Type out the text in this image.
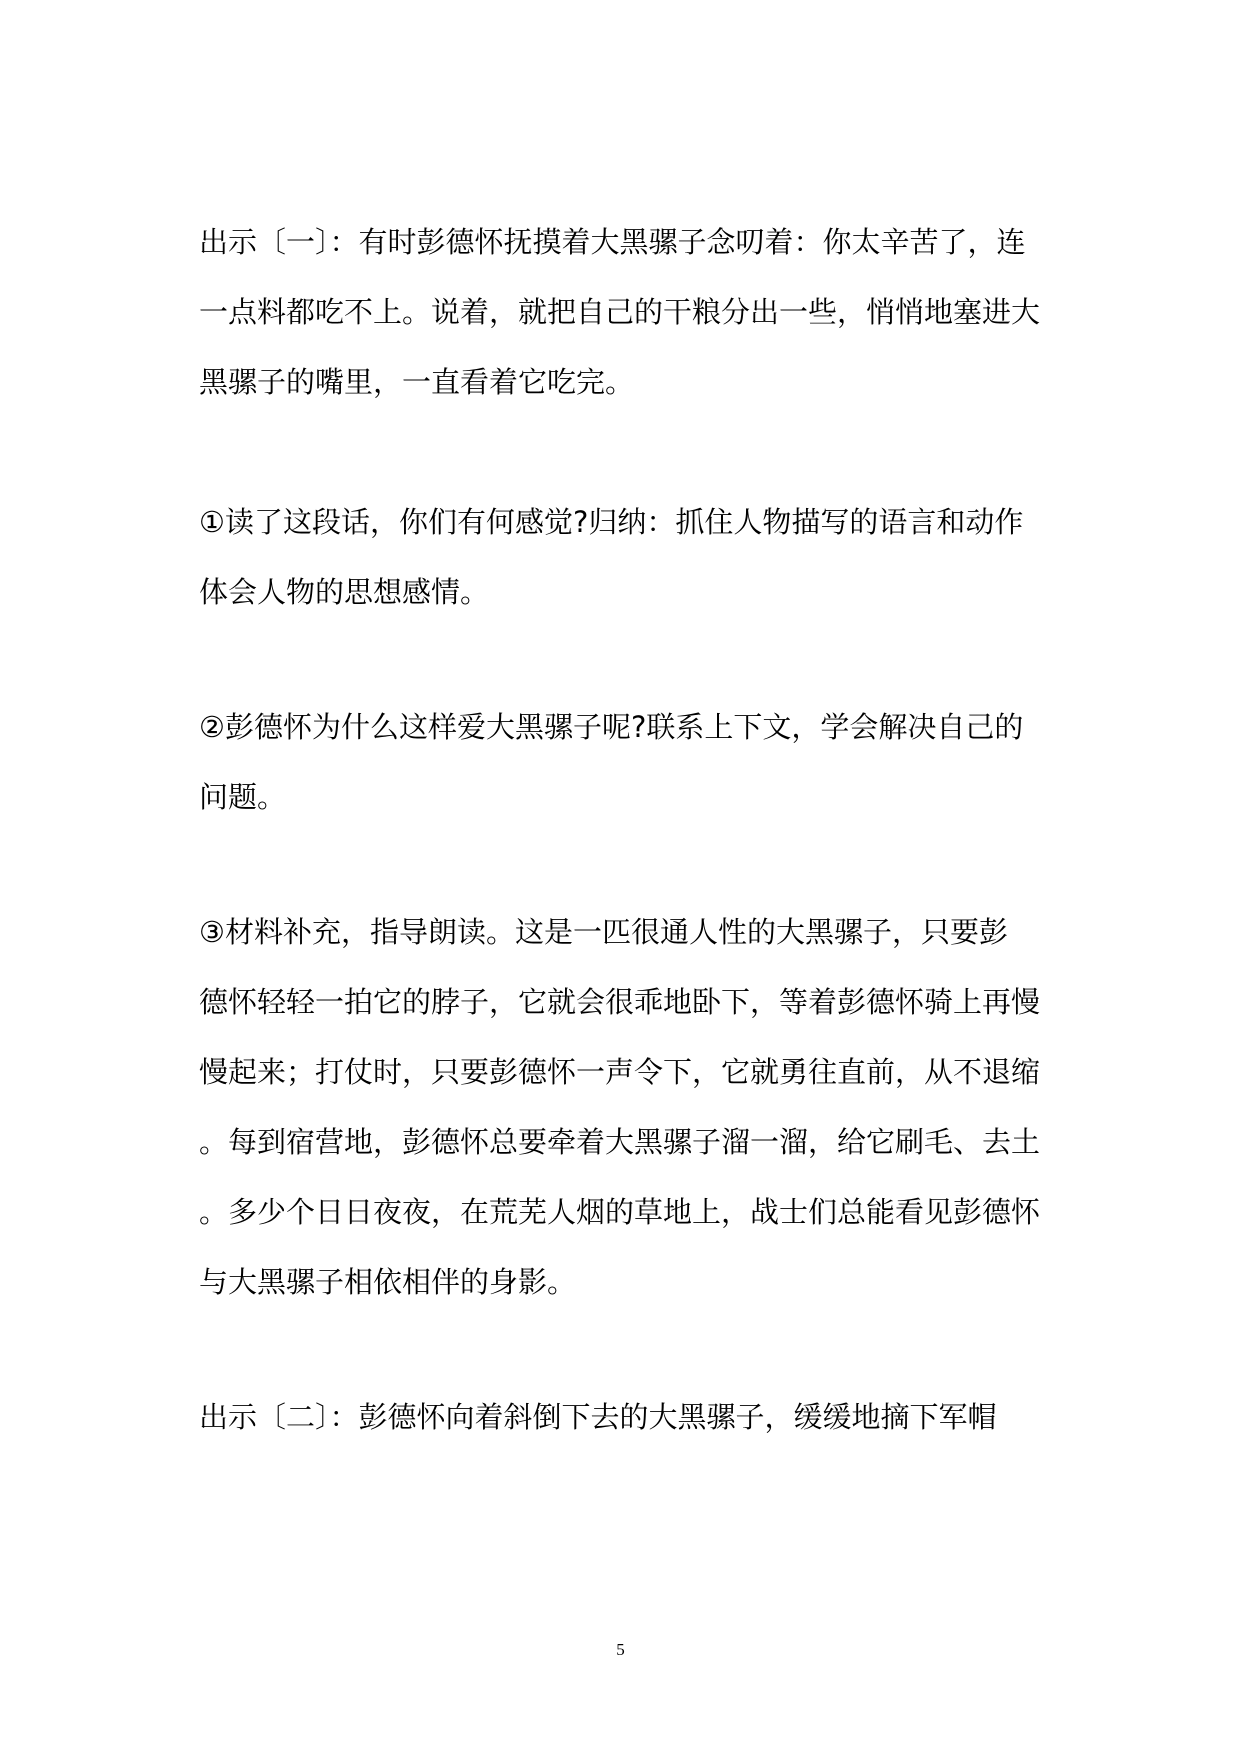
出示〔一〕：有时彭德怀抚摸着大黑骡子念叨着：你太辛苦了，连

一点料都吃不上。说着，就把自己的干粮分出一些，悄悄地塞进大

黑骡子的嘴里，一直看着它吃完。

①读了这段话，你们有何感觉?归纳：抓住人物描写的语言和动作

体会人物的思想感情。

②彭德怀为什么这样爱大黑骡子呢?联系上下文，学会解决自己的

问题。

③材料补充，指导朗读。这是一匹很通人性的大黑骡子，只要彭

德怀轻轻一拍它的脖子，它就会很乖地卧下，等着彭德怀骑上再慢

慢起来；打仗时，只要彭德怀一声令下，它就勇往直前，从不退缩

。每到宿营地，彭德怀总要牵着大黑骡子溜一溜，给它刷毛、去土

。多少个日日夜夜，在荒芜人烟的草地上，战士们总能看见彭德怀

与大黑骡子相依相伴的身影。

出示〔二〕：彭德怀向着斜倒下去的大黑骡子，缓缓地摘下军帽

5
